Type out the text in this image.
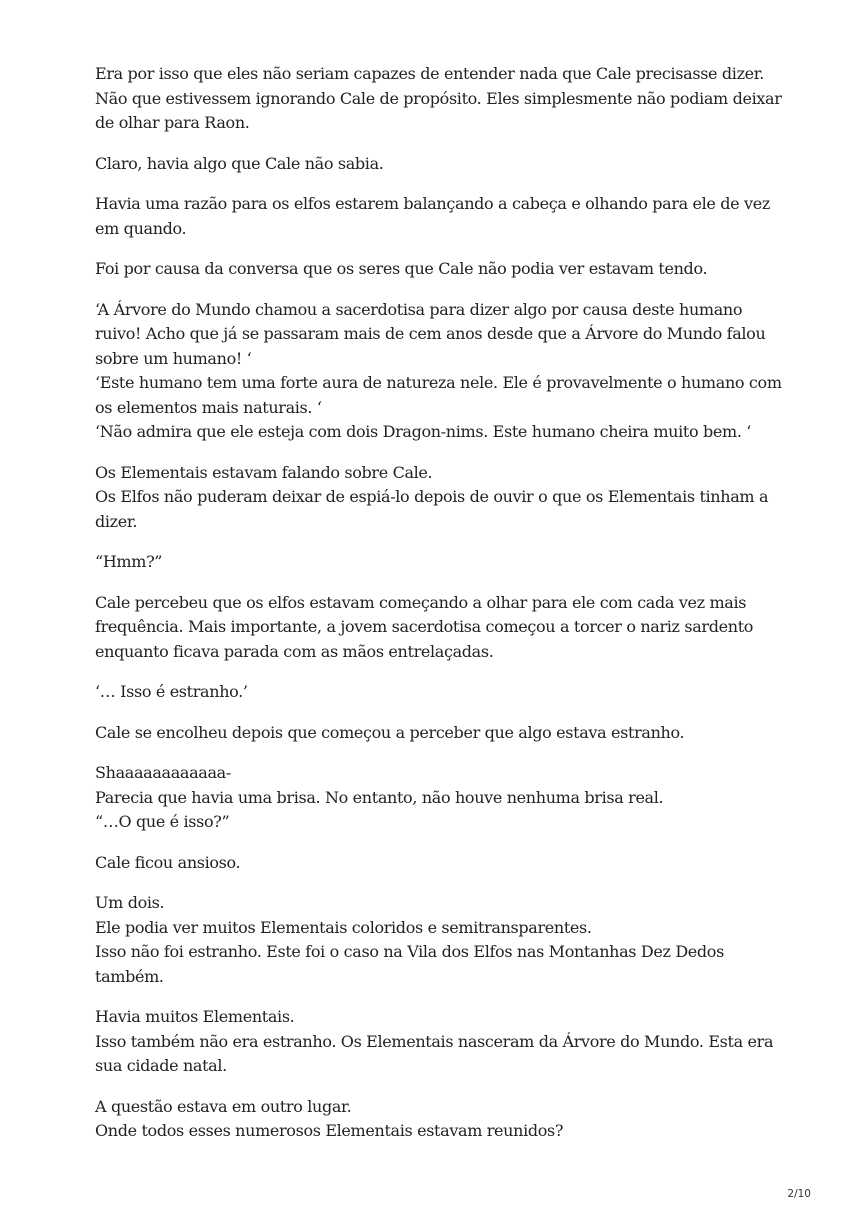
Era por isso que eles não seriam capazes de entender nada que Cale precisasse dizer. Não que estivessem ignorando Cale de propósito. Eles simplesmente não podiam deixar de olhar para Raon.

Claro, havia algo que Cale não sabia.

Havia uma razão para os elfos estarem balançando a cabeça e olhando para ele de vez em quando.

Foi por causa da conversa que os seres que Cale não podia ver estavam tendo.

‘A Árvore do Mundo chamou a sacerdotisa para dizer algo por causa deste humano ruivo! Acho que já se passaram mais de cem anos desde que a Árvore do Mundo falou sobre um humano! ‘
‘Este humano tem uma forte aura de natureza nele. Ele é provavelmente o humano com os elementos mais naturais. ‘
‘Não admira que ele esteja com dois Dragon-nims. Este humano cheira muito bem. ‘

Os Elementais estavam falando sobre Cale.
Os Elfos não puderam deixar de espiá-lo depois de ouvir o que os Elementais tinham a dizer.

“Hmm?”

Cale percebeu que os elfos estavam começando a olhar para ele com cada vez mais frequência. Mais importante, a jovem sacerdotisa começou a torcer o nariz sardento enquanto ficava parada com as mãos entrelaçadas.

‘… Isso é estranho.’

Cale se encolheu depois que começou a perceber que algo estava estranho.

Shaaaaaaaaaaaa-
Parecia que havia uma brisa. No entanto, não houve nenhuma brisa real.
“…O que é isso?”

Cale ficou ansioso.

Um dois.
Ele podia ver muitos Elementais coloridos e semitransparentes.
Isso não foi estranho. Este foi o caso na Vila dos Elfos nas Montanhas Dez Dedos também.

Havia muitos Elementais.
Isso também não era estranho. Os Elementais nasceram da Árvore do Mundo. Esta era sua cidade natal.

A questão estava em outro lugar.
Onde todos esses numerosos Elementais estavam reunidos?

2/10
